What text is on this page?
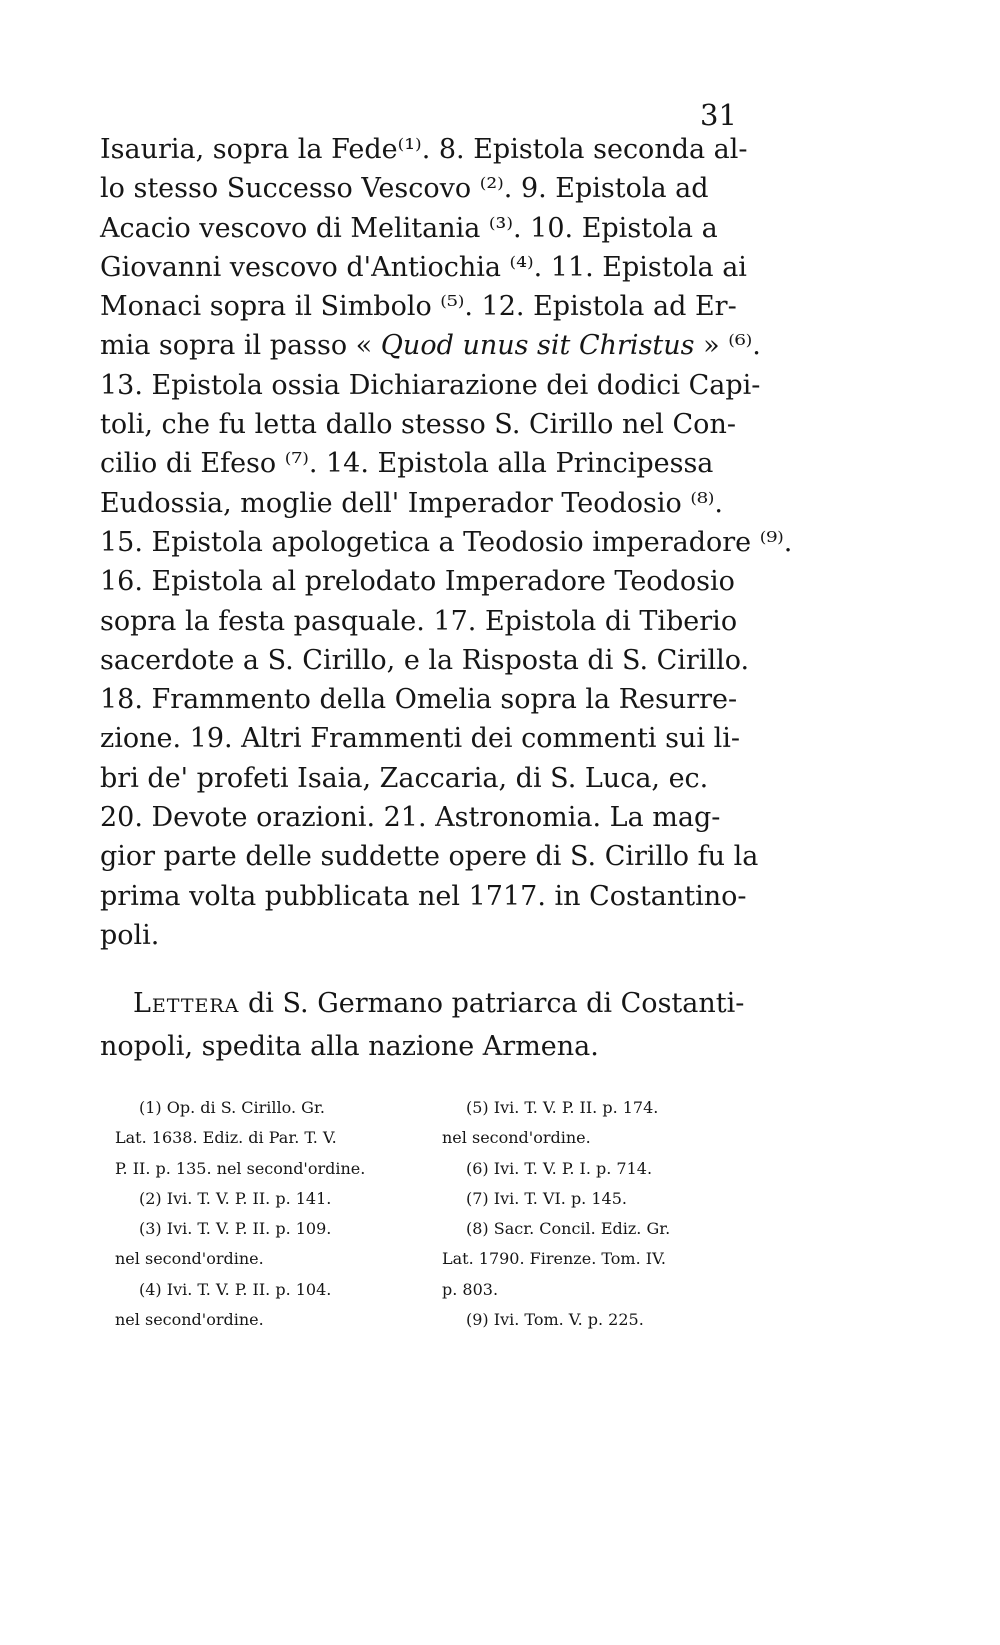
31
Isauria, sopra la Fede⁽¹⁾. 8. Epistola seconda al-
lo stesso Successo Vescovo ⁽²⁾. 9. Epistola ad
Acacio vescovo di Melitania ⁽³⁾. 10. Epistola a
Giovanni vescovo d'Antiochia ⁽⁴⁾. 11. Epistola ai
Monaci sopra il Simbolo ⁽⁵⁾. 12. Epistola ad Er-
mia sopra il passo « Quod unus sit Christus » ⁽⁶⁾.
13. Epistola ossia Dichiarazione dei dodici Capi-
toli, che fu letta dallo stesso S. Cirillo nel Con-
cilio di Efeso ⁽⁷⁾. 14. Epistola alla Principessa
Eudossia, moglie dell' Imperador Teodosio ⁽⁸⁾.
15. Epistola apologetica a Teodosio imperadore ⁽⁹⁾.
16. Epistola al prelodato Imperadore Teodosio
sopra la festa pasquale. 17. Epistola di Tiberio
sacerdote a S. Cirillo, e la Risposta di S. Cirillo.
18. Frammento della Omelia sopra la Resurre-
zione. 19. Altri Frammenti dei commenti sui li-
bri de' profeti Isaia, Zaccaria, di S. Luca, ec.
20. Devote orazioni. 21. Astronomia. La mag-
gior parte delle suddette opere di S. Cirillo fu la
prima volta pubblicata nel 1717. in Costantino-
poli.
Lettera di S. Germano patriarca di Costanti-
nopoli, spedita alla nazione Armena.
(1) Op. di S. Cirillo. Gr.
Lat. 1638. Ediz. di Par. T. V.
P. II. p. 135. nel second'ordine.
(2) Ivi. T. V. P. II. p. 141.
(3) Ivi. T. V. P. II. p. 109.
nel second'ordine.
(4) Ivi. T. V. P. II. p. 104.
nel second'ordine.
(5) Ivi. T. V. P. II. p. 174.
nel second'ordine.
(6) Ivi. T. V. P. I. p. 714.
(7) Ivi. T. VI. p. 145.
(8) Sacr. Concil. Ediz. Gr.
Lat. 1790. Firenze. Tom. IV.
p. 803.
(9) Ivi. Tom. V. p. 225.
